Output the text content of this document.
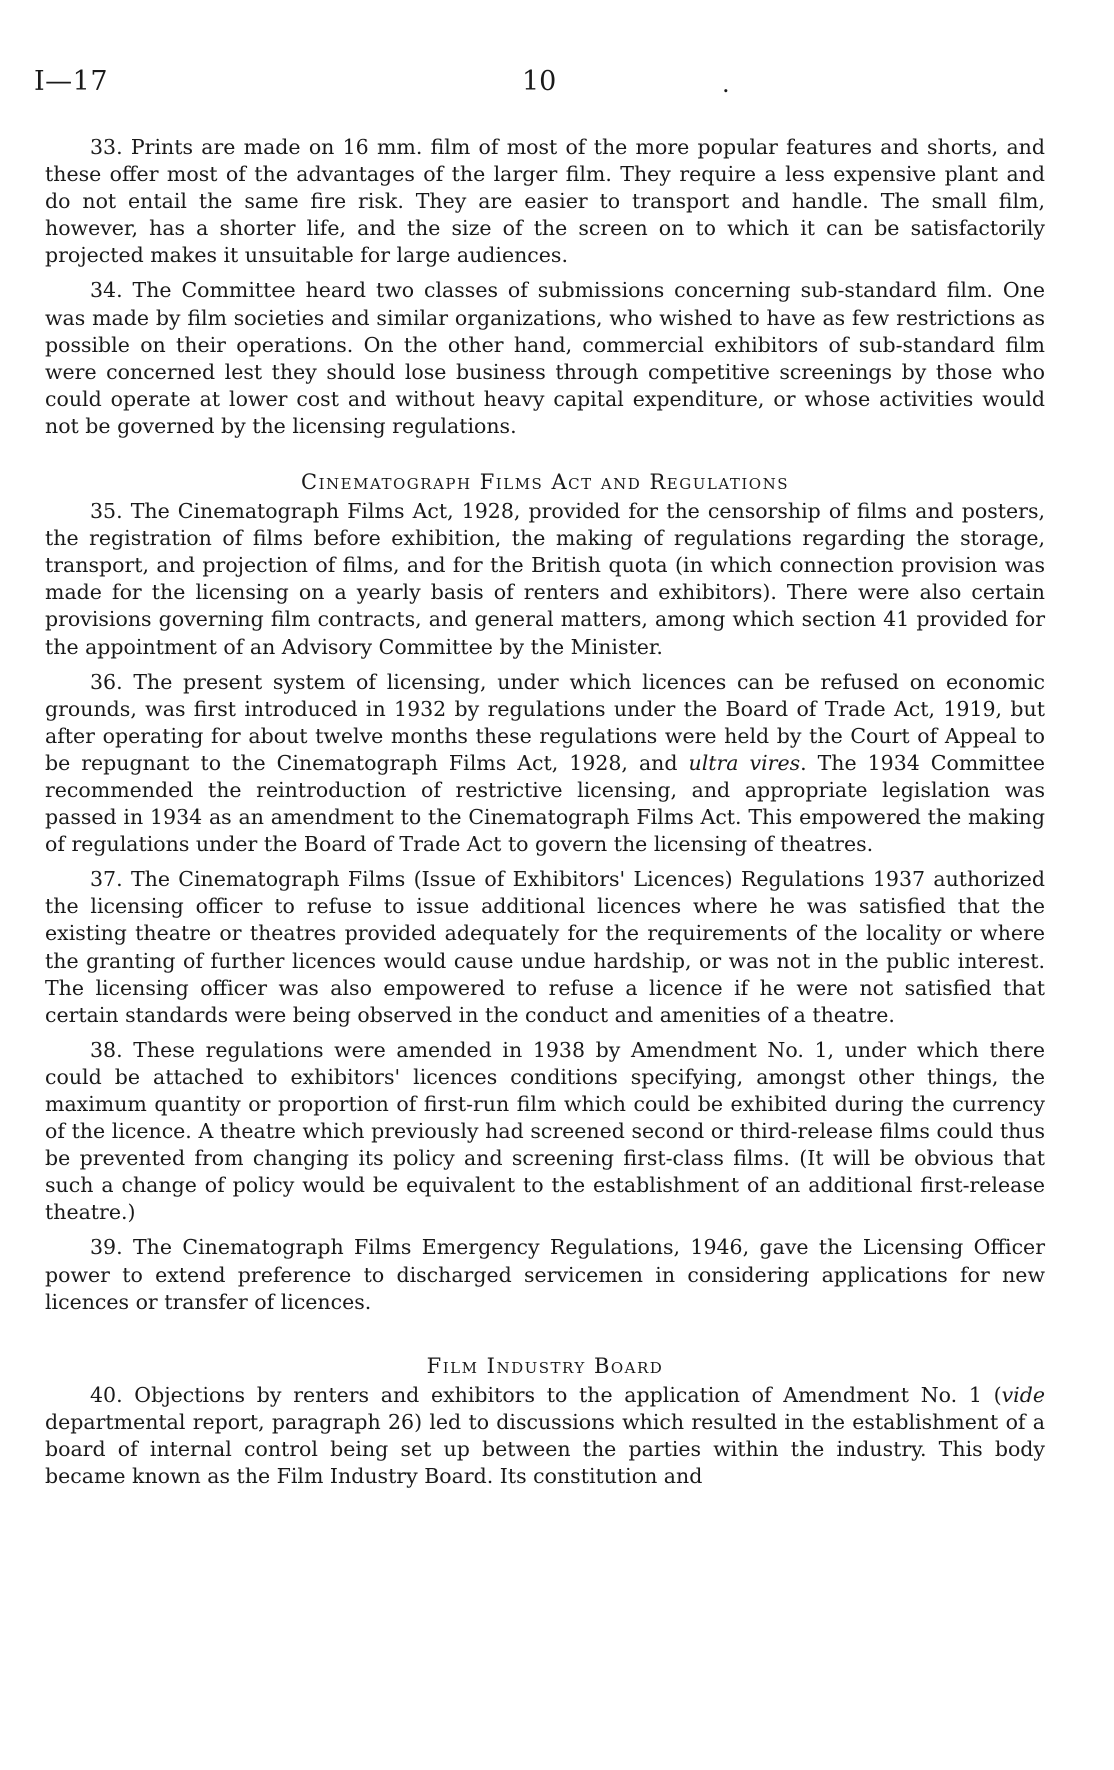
I—17	10	.

33. Prints are made on 16 mm. film of most of the more popular features and shorts, and these offer most of the advantages of the larger film. They require a less expensive plant and do not entail the same fire risk. They are easier to transport and handle. The small film, however, has a shorter life, and the size of the screen on to which it can be satisfactorily projected makes it unsuitable for large audiences.

34. The Committee heard two classes of submissions concerning sub-standard film. One was made by film societies and similar organizations, who wished to have as few restrictions as possible on their operations. On the other hand, commercial exhibitors of sub-standard film were concerned lest they should lose business through competitive screenings by those who could operate at lower cost and without heavy capital expenditure, or whose activities would not be governed by the licensing regulations.

Cinematograph Films Act and Regulations

35. The Cinematograph Films Act, 1928, provided for the censorship of films and posters, the registration of films before exhibition, the making of regulations regarding the storage, transport, and projection of films, and for the British quota (in which connection provision was made for the licensing on a yearly basis of renters and exhibitors). There were also certain provisions governing film contracts, and general matters, among which section 41 provided for the appointment of an Advisory Committee by the Minister.

36. The present system of licensing, under which licences can be refused on economic grounds, was first introduced in 1932 by regulations under the Board of Trade Act, 1919, but after operating for about twelve months these regulations were held by the Court of Appeal to be repugnant to the Cinematograph Films Act, 1928, and ultra vires. The 1934 Committee recommended the reintroduction of restrictive licensing, and appropriate legislation was passed in 1934 as an amendment to the Cinematograph Films Act. This empowered the making of regulations under the Board of Trade Act to govern the licensing of theatres.

37. The Cinematograph Films (Issue of Exhibitors' Licences) Regulations 1937 authorized the licensing officer to refuse to issue additional licences where he was satisfied that the existing theatre or theatres provided adequately for the requirements of the locality or where the granting of further licences would cause undue hardship, or was not in the public interest. The licensing officer was also empowered to refuse a licence if he were not satisfied that certain standards were being observed in the conduct and amenities of a theatre.

38. These regulations were amended in 1938 by Amendment No. 1, under which there could be attached to exhibitors' licences conditions specifying, amongst other things, the maximum quantity or proportion of first-run film which could be exhibited during the currency of the licence. A theatre which previously had screened second or third-release films could thus be prevented from changing its policy and screening first-class films. (It will be obvious that such a change of policy would be equivalent to the establishment of an additional first-release theatre.)

39. The Cinematograph Films Emergency Regulations, 1946, gave the Licensing Officer power to extend preference to discharged servicemen in considering applications for new licences or transfer of licences.

Film Industry Board

40. Objections by renters and exhibitors to the application of Amendment No. 1 (vide departmental report, paragraph 26) led to discussions which resulted in the establishment of a board of internal control being set up between the parties within the industry. This body became known as the Film Industry Board. Its constitution and
